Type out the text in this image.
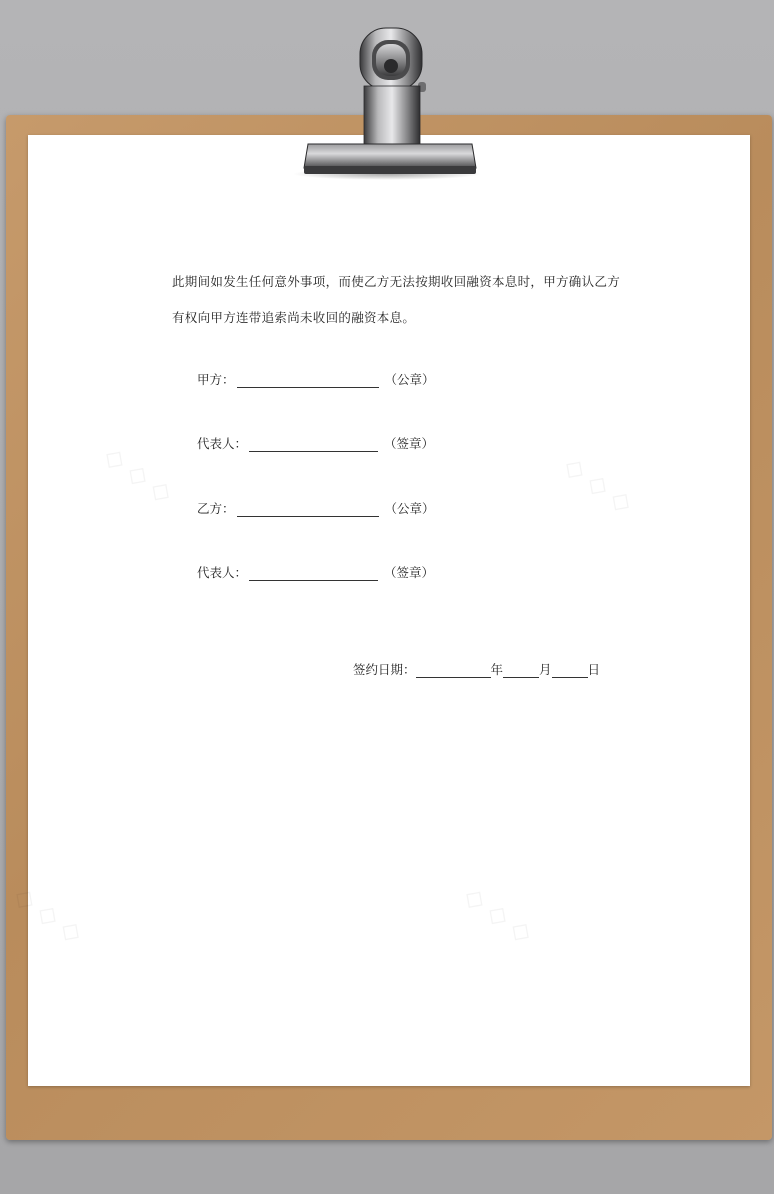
此期间如发生任何意外事项，而使乙方无法按期收回融资本息时，甲方确认乙方
有权向甲方连带追索尚未收回的融资本息。
甲方：	（公章）
代表人：	（签章）
乙方：	（公章）
代表人：	（签章）
签约日期：	年	月	日
